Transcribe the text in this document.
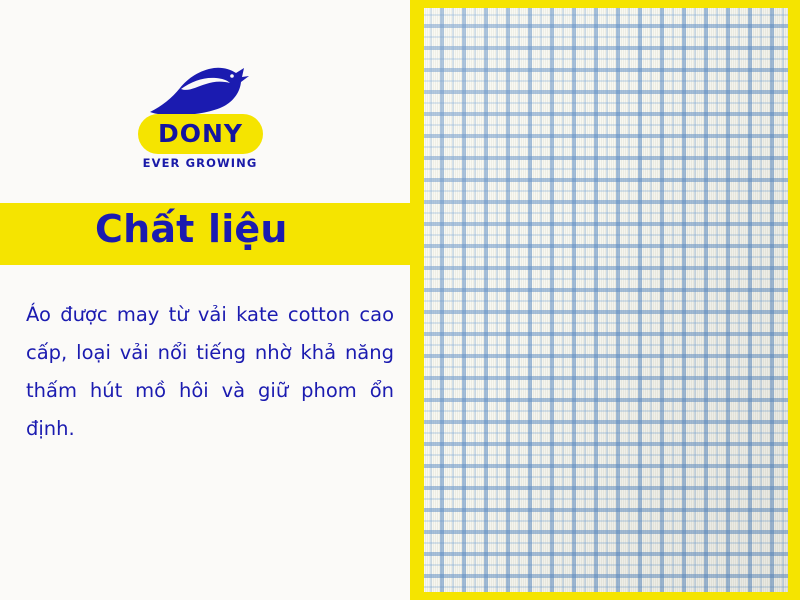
DONY
EVER GROWING
Chất liệu
Áo được may từ vải kate cotton cao cấp, loại vải nổi tiếng nhờ khả năng thấm hút mồ hôi và giữ phom ổn định.
